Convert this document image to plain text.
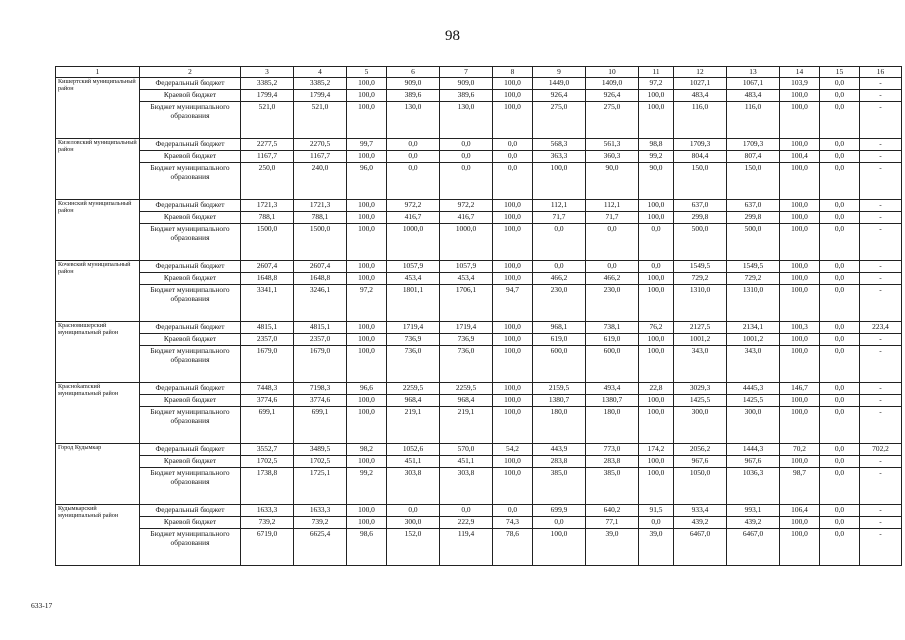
98
1	2	3	4	5	6	7	8	9	10	11	12	13	14	15	16
Кишертский муниципальный район	Федеральный бюджет	3385,2	3385,2	100,0	909,0	909,0	100,0	1449,0	1409,0	97,2	1027,1	1067,1	103,9	0,0	-
	Краевой бюджет	1799,4	1799,4	100,0	389,6	389,6	100,0	926,4	926,4	100,0	483,4	483,4	100,0	0,0	-
	Бюджет муниципального образования	521,0	521,0	100,0	130,0	130,0	100,0	275,0	275,0	100,0	116,0	116,0	100,0	0,0	-
Кизеловский муниципальный район	Федеральный бюджет	2277,5	2270,5	99,7	0,0	0,0	0,0	568,3	561,3	98,8	1709,3	1709,3	100,0	0,0	-
	Краевой бюджет	1167,7	1167,7	100,0	0,0	0,0	0,0	363,3	360,3	99,2	804,4	807,4	100,4	0,0	-
	Бюджет муниципального образования	250,0	240,0	96,0	0,0	0,0	0,0	100,0	90,0	90,0	150,0	150,0	100,0	0,0	-
Косинский муниципальный район	Федеральный бюджет	1721,3	1721,3	100,0	972,2	972,2	100,0	112,1	112,1	100,0	637,0	637,0	100,0	0,0	-
	Краевой бюджет	788,1	788,1	100,0	416,7	416,7	100,0	71,7	71,7	100,0	299,8	299,8	100,0	0,0	-
	Бюджет муниципального образования	1500,0	1500,0	100,0	1000,0	1000,0	100,0	0,0	0,0	0,0	500,0	500,0	100,0	0,0	-
Кочевский муниципальный район	Федеральный бюджет	2607,4	2607,4	100,0	1057,9	1057,9	100,0	0,0	0,0	0,0	1549,5	1549,5	100,0	0,0	-
	Краевой бюджет	1648,8	1648,8	100,0	453,4	453,4	100,0	466,2	466,2	100,0	729,2	729,2	100,0	0,0	-
	Бюджет муниципального образования	3341,1	3246,1	97,2	1801,1	1706,1	94,7	230,0	230,0	100,0	1310,0	1310,0	100,0	0,0	-
Красновишерский муниципальный район	Федеральный бюджет	4815,1	4815,1	100,0	1719,4	1719,4	100,0	968,1	738,1	76,2	2127,5	2134,1	100,3	0,0	223,4
	Краевой бюджет	2357,0	2357,0	100,0	736,9	736,9	100,0	619,0	619,0	100,0	1001,2	1001,2	100,0	0,0	-
	Бюджет муниципального образования	1679,0	1679,0	100,0	736,0	736,0	100,0	600,0	600,0	100,0	343,0	343,0	100,0	0,0	-
Красноkamский муниципальный район	Федеральный бюджет	7448,3	7198,3	96,6	2259,5	2259,5	100,0	2159,5	493,4	22,8	3029,3	4445,3	146,7	0,0	-
	Краевой бюджет	3774,6	3774,6	100,0	968,4	968,4	100,0	1380,7	1380,7	100,0	1425,5	1425,5	100,0	0,0	-
	Бюджет муниципального образования	699,1	699,1	100,0	219,1	219,1	100,0	180,0	180,0	100,0	300,0	300,0	100,0	0,0	-
Город Кудымкар	Федеральный бюджет	3552,7	3489,5	98,2	1052,6	570,0	54,2	443,9	773,0	174,2	2056,2	1444,3	70,2	0,0	702,2
	Краевой бюджет	1702,5	1702,5	100,0	451,1	451,1	100,0	283,8	283,8	100,0	967,6	967,6	100,0	0,0	-
	Бюджет муниципального образования	1738,8	1725,1	99,2	303,8	303,8	100,0	385,0	385,0	100,0	1050,0	1036,3	98,7	0,0	-
Кудымкарский муниципальный район	Федеральный бюджет	1633,3	1633,3	100,0	0,0	0,0	0,0	699,9	640,2	91,5	933,4	993,1	106,4	0,0	-
	Краевой бюджет	739,2	739,2	100,0	300,0	222,9	74,3	0,0	77,1	0,0	439,2	439,2	100,0	0,0	-
	Бюджет муниципального образования	6719,0	6625,4	98,6	152,0	119,4	78,6	100,0	39,0	39,0	6467,0	6467,0	100,0	0,0	-
633-17
